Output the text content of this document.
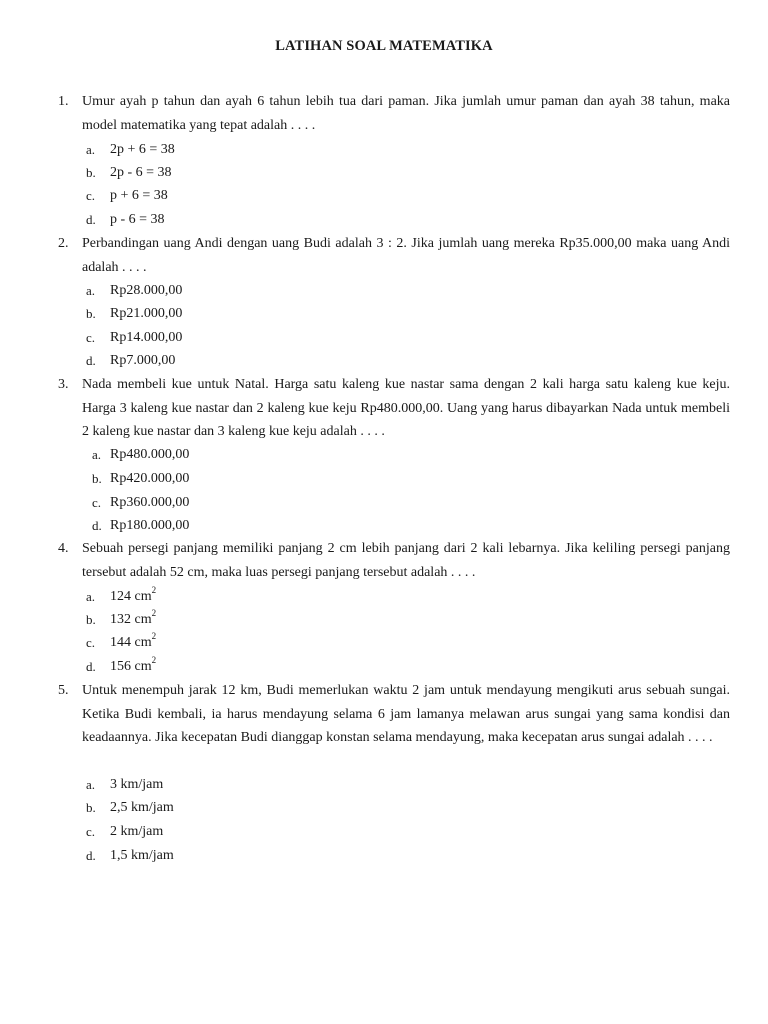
LATIHAN SOAL MATEMATIKA
1. Umur ayah p tahun dan ayah 6 tahun lebih tua dari paman. Jika jumlah umur paman dan ayah 38 tahun, maka model matematika yang tepat adalah . . . .
a. 2p + 6 = 38
b. 2p - 6 = 38
c. p + 6 = 38
d. p - 6 = 38
2. Perbandingan uang Andi dengan uang Budi adalah 3 : 2. Jika jumlah uang mereka Rp35.000,00 maka uang Andi adalah . . . .
a. Rp28.000,00
b. Rp21.000,00
c. Rp14.000,00
d. Rp7.000,00
3. Nada membeli kue untuk Natal. Harga satu kaleng kue nastar sama dengan 2 kali harga satu kaleng kue keju. Harga 3 kaleng kue nastar dan 2 kaleng kue keju Rp480.000,00. Uang yang harus dibayarkan Nada untuk membeli 2 kaleng kue nastar dan 3 kaleng kue keju adalah . . . .
a. Rp480.000,00
b. Rp420.000,00
c. Rp360.000,00
d. Rp180.000,00
4. Sebuah persegi panjang memiliki panjang 2 cm lebih panjang dari 2 kali lebarnya. Jika keliling persegi panjang tersebut adalah 52 cm, maka luas persegi panjang tersebut adalah . . . .
a. 124 $cm^2$
b. 132 $cm^2$
c. 144 $cm^2$
d. 156 $cm^2$
5. Untuk menempuh jarak 12 km, Budi memerlukan waktu 2 jam untuk mendayung mengikuti arus sebuah sungai. Ketika Budi kembali, ia harus mendayung selama 6 jam lamanya melawan arus sungai yang sama kondisi dan keadaannya. Jika kecepatan Budi dianggap konstan selama mendayung, maka kecepatan arus sungai adalah . . . .
a. 3 km/jam
b. 2,5 km/jam
c. 2 km/jam
d. 1,5 km/jam
